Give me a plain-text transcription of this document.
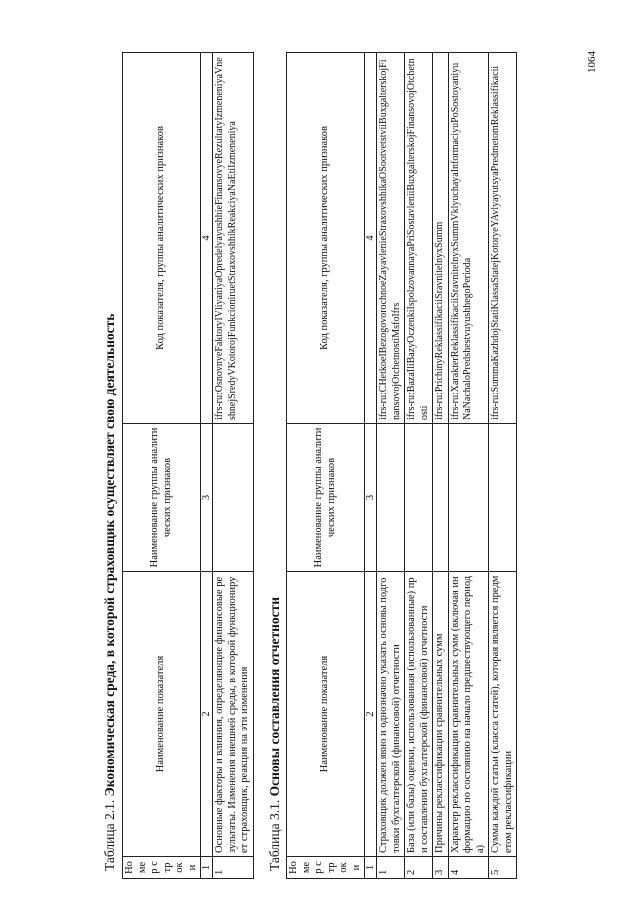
1064
Таблица 2.1. Экономическая среда, в которой страховщик осуществляет свою деятельность
Номер строки	Наименование показателя	Наименование группы аналитических признаков	Код показателя, группы аналитических признаков
1	2	3	4
1	Основные факторы и влияния, определяющие финансовые результаты. Изменения внешней среды, в которой функционирует страховщик, реакция на эти изменения		ifrs-ru:OsnovnyeFaktoryIVliyaniyaOpredelyayushhieFinansovyeRezultatyIzmeneniyaVneshnejSredyVKotorojFunkcioniruetStraxovshhikReakciyaNaEtiIzmeneniya
Таблица 3.1. Основы составления отчетности
Номер строки	Наименование показателя	Наименование группы аналитических признаков	Код показателя, группы аналитических признаков
1	2	3	4
1	Страховщик должен явно и однозначно указать основы подготовки бухгалтерской (финансовой) отчетности		ifrs-ru:CHetkoeIBezogovorochnoeZayavlenieStraxovshhikaOSootvetstviiBuxgalterskojFinansovojOtchetnostiMsfoIfrs
2	База (или базы) оценки, использованная (использованные) при составлении бухгалтерской (финансовой) отчетности		ifrs-ru:BazaIliBazyOczenkiIspolzovannayaPriSostavleniiBuxgalterskojFinansovojOtchetnosti
3	Причины реклассификации сравнительных сумм		ifrs-ru:PrichinyReklassifikaciiSravnitelnyxSumm
4	Характер реклассификации сравнительных сумм (включая информацию по состоянию на начало предшествующего периода)		ifrs-ru:XarakterReklassifikaciiSravnitelnyxSummVklyuchayaInformaciyuPoSostoyaniyuNaNachaloPredshestvuyushhegoPerioda
5	Сумма каждой статьи (класса статей), которая является предметом реклассификации		ifrs-ru:SummaKazhdojStatiKlassaStatejKotoryeYAvlyayutsyaPredmetomReklassifikacii
